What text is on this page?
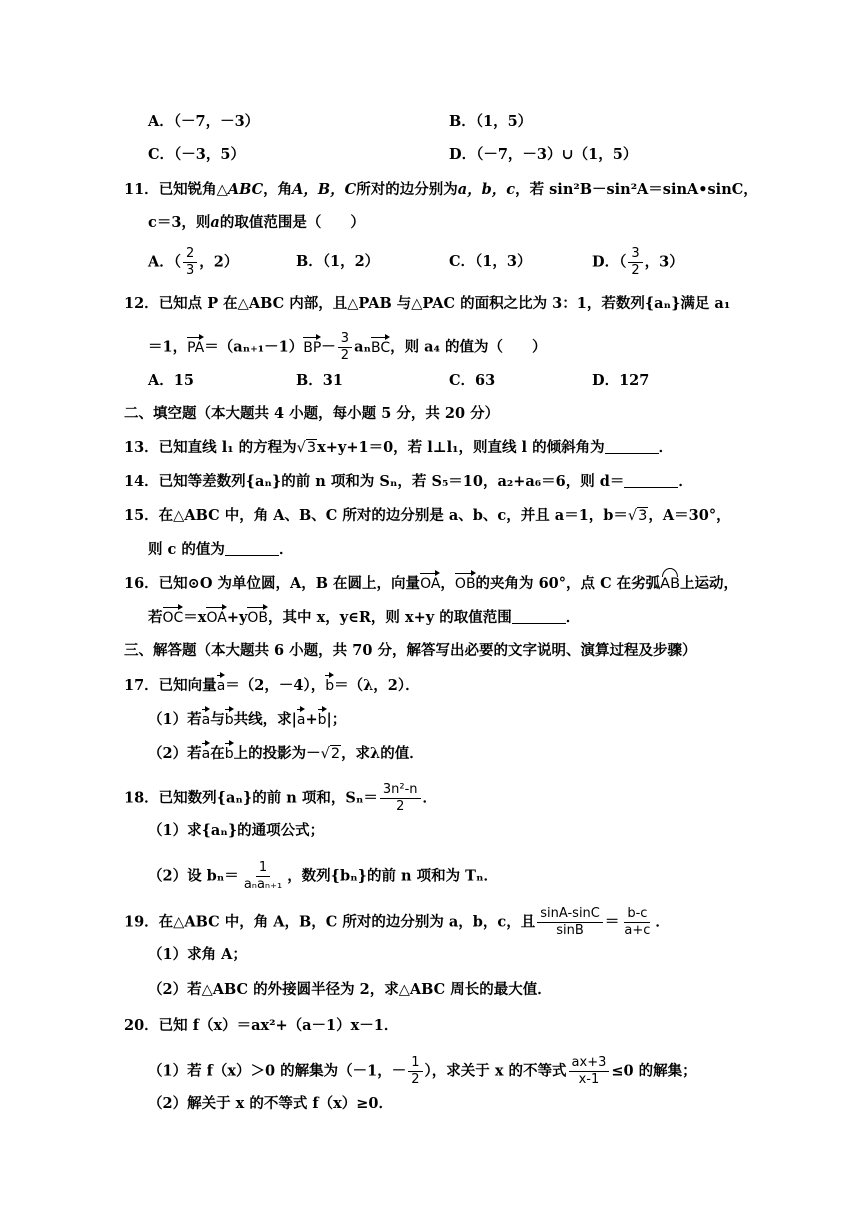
A．（－7，－3）	B．（1，5）
C．（－3，5）	D．（－7，－3）∪（1，5）
11．已知锐角△ABC，角A，B，C所对的边分别为a，b，c，若 sin²B－sin²A＝sinA•sinC，
c＝3，则a的取值范围是（　　）
A．（ $\frac{2}{3}$ ，2）	B．（1，2）	C．（1，3）	D．（ $\frac{3}{2}$ ，3）
12．已知点 P 在△ABC 内部，且△PAB 与△PAC 的面积之比为 3：1，若数列{aₙ}满足 a₁
＝1，$PA=(a_{n+1}-1)BP- \frac{3}{2}$ aₙBC，则 a₄ 的值为（　　）
A．15	B．31	C．63	D．127
二、填空题（本大题共 4 小题，每小题 5 分，共 20 分）
13．已知直线 l₁ 的方程为√3x+y+1＝0，若 l⊥l₁，则直线 l 的倾斜角为	．
14．已知等差数列{aₙ}的前 n 项和为 Sₙ，若 S₅＝10，a₂+a₆＝6，则 d＝	．
15．在△ABC 中，角 A、B、C 所对的边分别是 a、b、c，并且 a＝1，b＝√3，A＝30°，
则 c 的值为	．
16．已知⊙O 为单位圆，A，B 在圆上，向量OA，OB的夹角为 60°，点 C 在劣弧AB上运动，
若OC＝xOA+yOB，其中 x，y∈R，则 x+y 的取值范围	．
三、解答题（本大题共 6 小题，共 70 分，解答写出必要的文字说明、演算过程及步骤）
17．已知向量a＝（2，－4），b＝（λ，2）．
（1）若a与b共线，求|a+b|；
（2）若a在b上的投影为－√2，求λ的值．
18．已知数列{aₙ}的前 n 项和，$S_n= \frac{\text{3n²-n}}{2}$ ．
（1）求{aₙ}的通项公式；
（2）设 $b_n= \frac{1}{\text{aₙaₙ₊₁}}$ ，数列{bₙ}的前 n 项和为 Tₙ．
19．在△ABC 中，角 A，B，C 所对的边分别为 a，b，c，且 $\frac{\sin A-\sin C}{\sin B} = \frac{b-c}{a+c}$ ．
（1）求角 A；
（2）若△ABC 的外接圆半径为 2，求△ABC 周长的最大值．
20．已知 f（x）＝ax²+（a－1）x－1．
（1）若 f（x）＞0 的解集为（－1，－ $\frac{1}{2}$ ），求关于 x 的不等式 $\frac{ax+3}{x-1} \le 0$ 的解集；
（2）解关于 x 的不等式 f（x）≥0．
